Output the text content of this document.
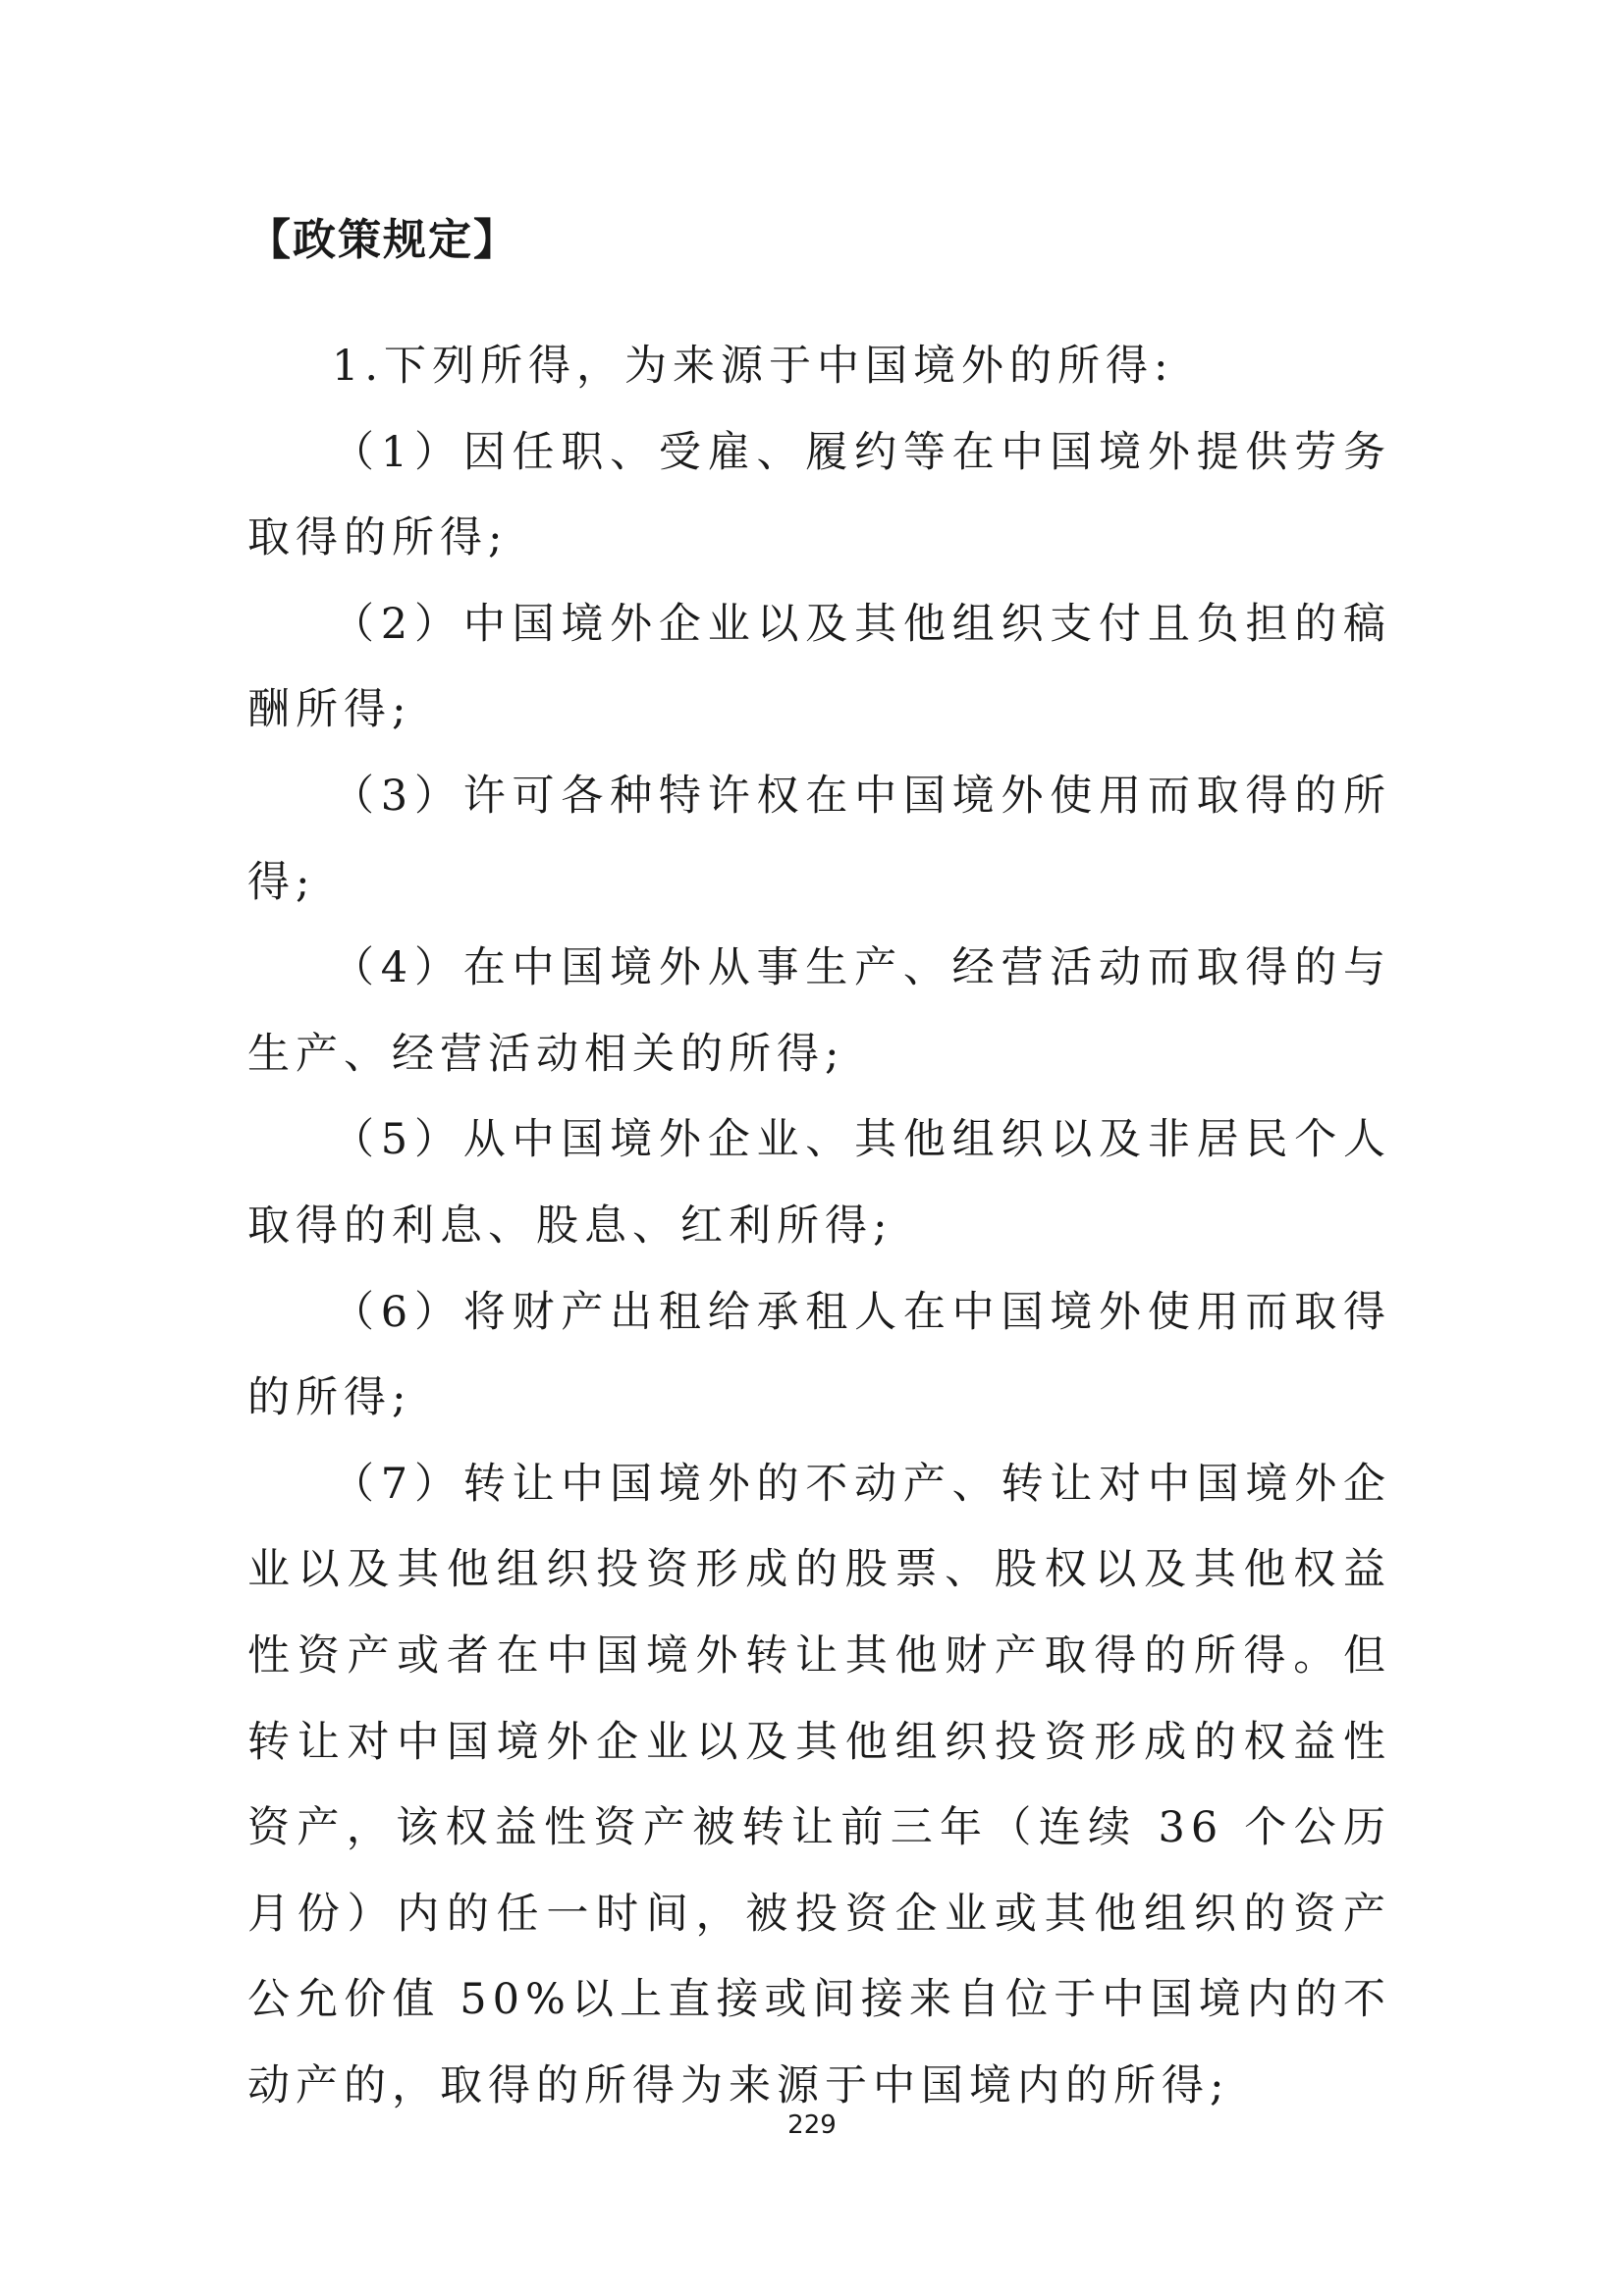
【政策规定】

1.下列所得，为来源于中国境外的所得:

（1）因任职、受雇、履约等在中国境外提供劳务取得的所得;

（2）中国境外企业以及其他组织支付且负担的稿酬所得;

（3）许可各种特许权在中国境外使用而取得的所得;

（4）在中国境外从事生产、经营活动而取得的与生产、经营活动相关的所得;

（5）从中国境外企业、其他组织以及非居民个人取得的利息、股息、红利所得;

（6）将财产出租给承租人在中国境外使用而取得的所得;

（7）转让中国境外的不动产、转让对中国境外企业以及其他组织投资形成的股票、股权以及其他权益性资产或者在中国境外转让其他财产取得的所得。但转让对中国境外企业以及其他组织投资形成的权益性资产，该权益性资产被转让前三年（连续 36 个公历月份）内的任一时间，被投资企业或其他组织的资产公允价值 50%以上直接或间接来自位于中国境内的不动产的，取得的所得为来源于中国境内的所得;

229
